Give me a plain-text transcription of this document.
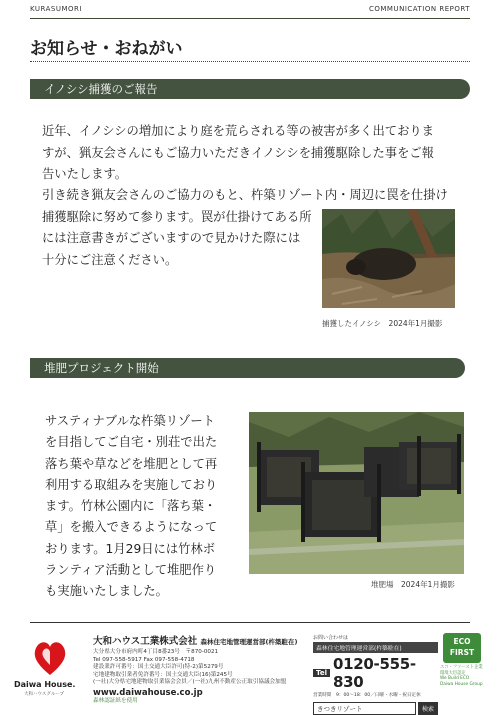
KURASUMORI	COMMUNICATION REPORT
お知らせ・おねがい
イノシシ捕獲のご報告
近年、イノシシの増加により庭を荒らされる等の被害が多く出ておりま
すが、猟友会さんにもご協力いただきイノシシを捕獲駆除した事をご報
告いたします。
引き続き猟友会さんのご協力のもと、杵築リゾート内・周辺に罠を仕掛け
捕獲駆除に努めて参ります。罠が仕掛けてある所
には注意書きがございますので見かけた際には
十分にご注意ください。
捕獲したイノシシ　2024年1月撮影
堆肥プロジェクト開始
サスティナブルな杵築リゾート
を目指してご自宅・別荘で出た
落ち葉や草などを堆肥として再
利用する取組みを実施しており
ます。竹林公園内に「落ち葉・
草」を搬入できるようになって
おります。1月29日には竹林ボ
ランティア活動として堆肥作り
も実施いたしました。	堆肥場　2024年1月撮影
Daiwa House.
大和ハウスグループ
大和ハウス工業株式会社 森林住宅地管理運営部(杵築駐在)
大分県大分市府内町4丁目8番23号　〒870-0021
Tel 097-558-5917 Fax 097-558-4718
建設業許可番号：国土交通大臣許可(特-2)第5279号
宅地建物取引業者免許番号：国土交通大臣(16)第245号
(一社)大分県宅地建物取引業協会会員／(一社)九州不動産公正取引協議会加盟
www.daiwahouse.co.jp
森林認証紙を使用
お問い合わせは
森林住宅地管理運営部(杵築駐在)
Tel 0120-555-830
営業時間　9：00～18：00／日曜・水曜・祝日定休
きつきリゾート	検索
ECO
FIRST
エコ・ファースト企業
環境大臣認定
We Build ECO
Daiwa House Group
